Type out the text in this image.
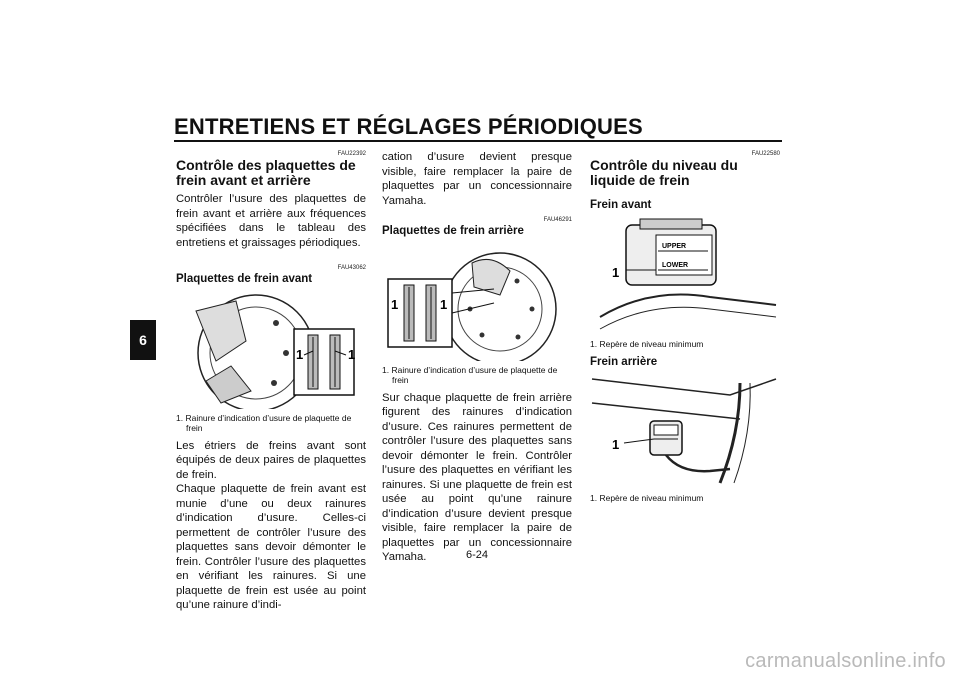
ENTRETIENS ET RÉGLAGES PÉRIODIQUES
6

FAU22392

Contrôle des plaquettes de frein avant et arrière

Contrôler l’usure des plaquettes de frein avant et arrière aux fréquences spécifiées dans le tableau des entretiens et graissages périodiques.

FAU43062

Plaquettes de frein avant

1	1

1. Rainure d’indication d’usure de plaquette de frein

Les étriers de freins avant sont équipés de deux paires de plaquettes de frein.
Chaque plaquette de frein avant est munie d’une ou deux rainures d’indication d’usure. Celles-ci permettent de contrôler l’usure des plaquettes sans devoir démonter le frein. Contrôler l’usure des plaquettes en vérifiant les rainures. Si une plaquette de frein est usée au point qu’une rainure d’indi-

cation d’usure devient presque visible, faire remplacer la paire de plaquettes par un concessionnaire Yamaha.

FAU46291

Plaquettes de frein arrière

1	1

1. Rainure d’indication d’usure de plaquette de frein

Sur chaque plaquette de frein arrière figurent des rainures d’indication d’usure. Ces rainures permettent de contrôler l’usure des plaquettes sans devoir démonter le frein. Contrôler l’usure des plaquettes en vérifiant les rainures. Si une plaquette de frein est usée au point qu’une rainure d’indication d’usure devient presque visible, faire remplacer la paire de plaquettes par un concessionnaire Yamaha.

FAU22580

Contrôle du niveau du liquide de frein

Frein avant

UPPER
LOWER
1

1. Repère de niveau minimum

Frein arrière

1

1. Repère de niveau minimum

6-24
carmanualsonline.info
